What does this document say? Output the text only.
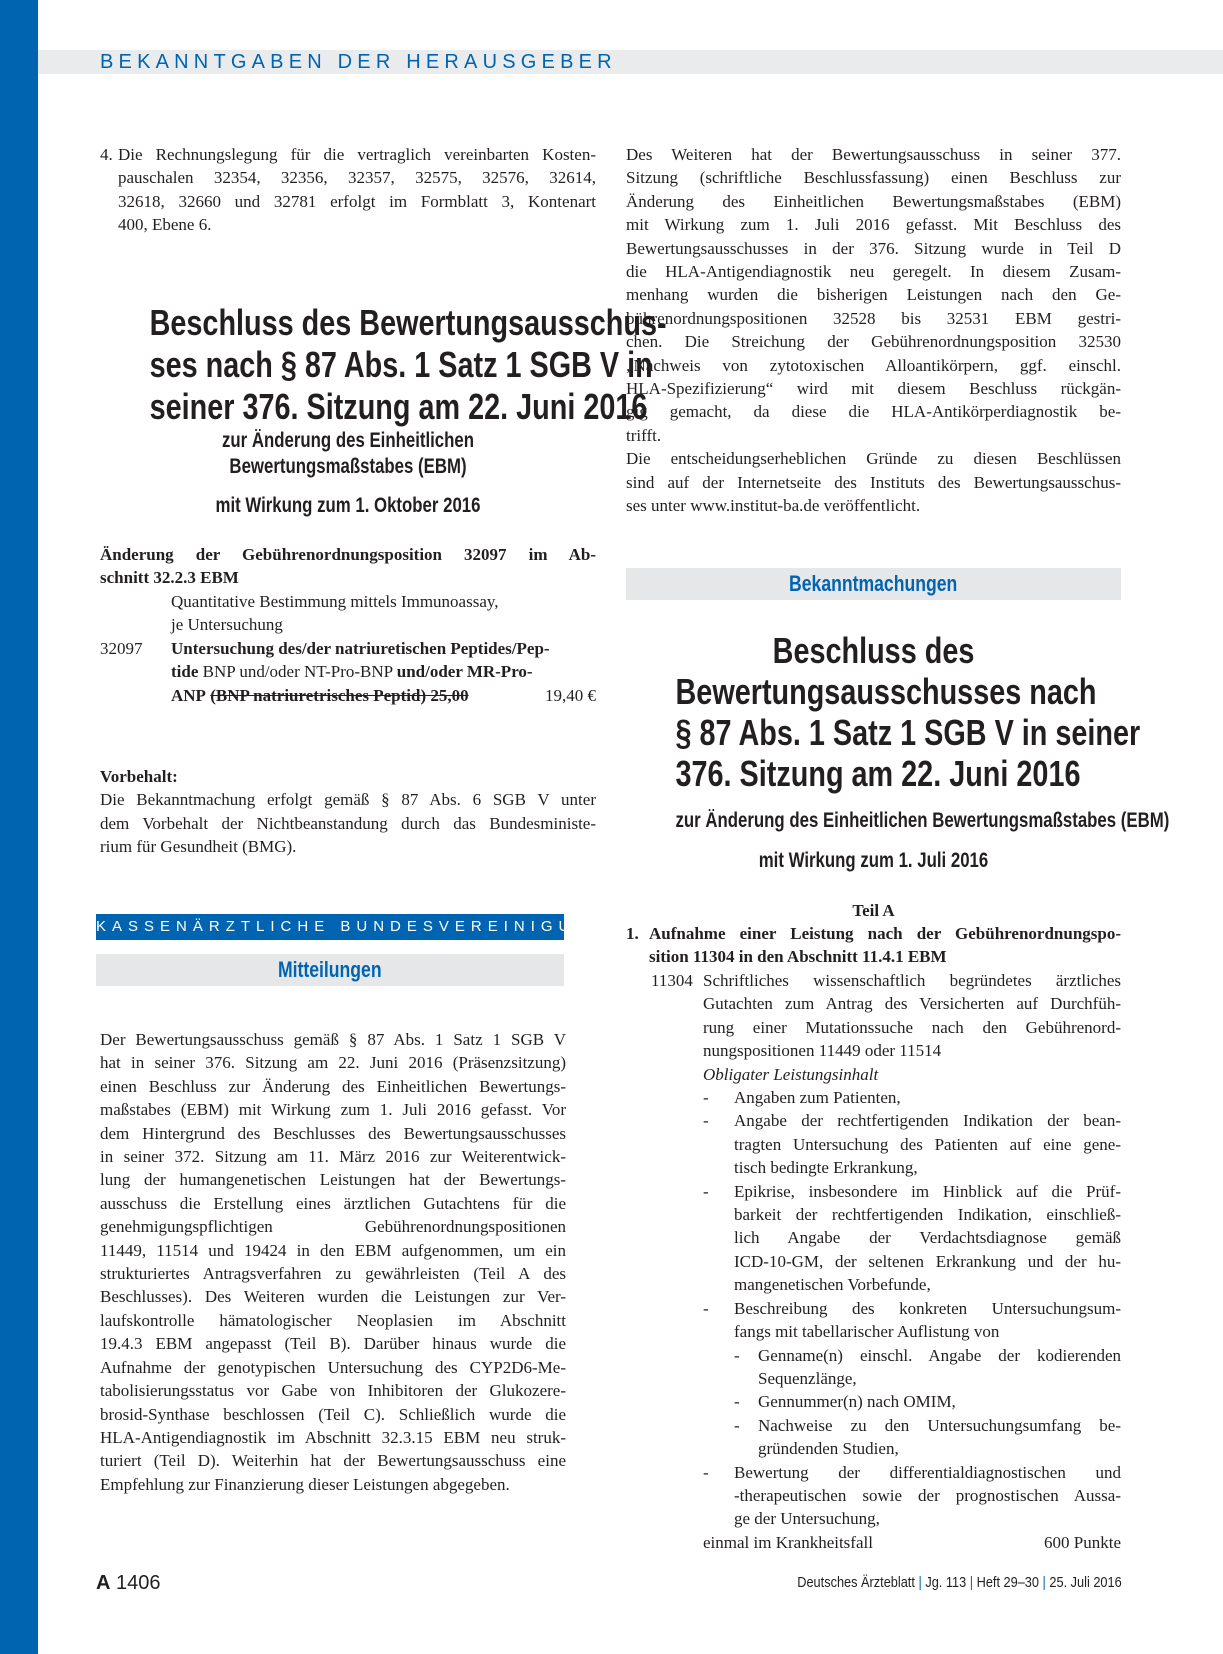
BEKANNTGABEN DER HERAUSGEBER
4. Die Rechnungslegung für die vertraglich vereinbarten Kosten-
pauschalen 32354, 32356, 32357, 32575, 32576, 32614,
32618, 32660 und 32781 erfolgt im Formblatt 3, Kontenart
400, Ebene 6.
Beschluss des Bewertungsausschus-
ses nach § 87 Abs. 1 Satz 1 SGB V in
seiner 376. Sitzung am 22. Juni 2016
zur Änderung des Einheitlichen
Bewertungsmaßstabes (EBM)
mit Wirkung zum 1. Oktober 2016
Änderung der Gebührenordnungsposition 32097 im Ab-
schnitt 32.2.3 EBM
Quantitative Bestimmung mittels Immunoassay,
je Untersuchung
32097 Untersuchung des/der natriuretischen Peptides/Pep-
tide BNP und/oder NT-Pro-BNP und/oder MR-Pro-
ANP (BNP natriuretrisches Peptid) 25,00	19,40 €
Vorbehalt:
Die Bekanntmachung erfolgt gemäß § 87 Abs. 6 SGB V unter
dem Vorbehalt der Nichtbeanstandung durch das Bundesministe-
rium für Gesundheit (BMG).
KASSENÄRZTLICHE BUNDESVEREINIGUNG
Mitteilungen
Der Bewertungsausschuss gemäß § 87 Abs. 1 Satz 1 SGB V
hat in seiner 376. Sitzung am 22. Juni 2016 (Präsenzsitzung)
einen Beschluss zur Änderung des Einheitlichen Bewertungs-
maßstabes (EBM) mit Wirkung zum 1. Juli 2016 gefasst. Vor
dem Hintergrund des Beschlusses des Bewertungsausschusses
in seiner 372. Sitzung am 11. März 2016 zur Weiterentwick-
lung der humangenetischen Leistungen hat der Bewertungs-
ausschuss die Erstellung eines ärztlichen Gutachtens für die
genehmigungspflichtigen Gebührenordnungspositionen
11449, 11514 und 19424 in den EBM aufgenommen, um ein
strukturiertes Antragsverfahren zu gewährleisten (Teil A des
Beschlusses). Des Weiteren wurden die Leistungen zur Ver-
laufskontrolle hämatologischer Neoplasien im Abschnitt
19.4.3 EBM angepasst (Teil B). Darüber hinaus wurde die
Aufnahme der genotypischen Untersuchung des CYP2D6-Me-
tabolisierungsstatus vor Gabe von Inhibitoren der Glukozere-
brosid-Synthase beschlossen (Teil C). Schließlich wurde die
HLA-Antigendiagnostik im Abschnitt 32.3.15 EBM neu struk-
turiert (Teil D). Weiterhin hat der Bewertungsausschuss eine
Empfehlung zur Finanzierung dieser Leistungen abgegeben.
Des Weiteren hat der Bewertungsausschuss in seiner 377.
Sitzung (schriftliche Beschlussfassung) einen Beschluss zur
Änderung des Einheitlichen Bewertungsmaßstabes (EBM)
mit Wirkung zum 1. Juli 2016 gefasst. Mit Beschluss des
Bewertungsausschusses in der 376. Sitzung wurde in Teil D
die HLA-Antigendiagnostik neu geregelt. In diesem Zusam-
menhang wurden die bisherigen Leistungen nach den Ge-
bührenordnungspositionen 32528 bis 32531 EBM gestri-
chen. Die Streichung der Gebührenordnungsposition 32530
„Nachweis von zytotoxischen Alloantikörpern, ggf. einschl.
HLA-Spezifizierung“ wird mit diesem Beschluss rückgän-
gig gemacht, da diese die HLA-Antikörperdiagnostik be-
trifft.
Die entscheidungserheblichen Gründe zu diesen Beschlüssen
sind auf der Internetseite des Instituts des Bewertungsausschus-
ses unter www.institut-ba.de veröffentlicht.
Bekanntmachungen
Beschluss des
Bewertungsausschusses nach
§ 87 Abs. 1 Satz 1 SGB V in seiner
376. Sitzung am 22. Juni 2016
zur Änderung des Einheitlichen Bewertungsmaßstabes (EBM)
mit Wirkung zum 1. Juli 2016
Teil A
1. Aufnahme einer Leistung nach der Gebührenordnungspo-
sition 11304 in den Abschnitt 11.4.1 EBM
11304 Schriftliches wissenschaftlich begründetes ärztliches
Gutachten zum Antrag des Versicherten auf Durchfüh-
rung einer Mutationssuche nach den Gebührenord-
nungspositionen 11449 oder 11514
Obligater Leistungsinhalt
- Angaben zum Patienten,
- Angabe der rechtfertigenden Indikation der bean-
tragten Untersuchung des Patienten auf eine gene-
tisch bedingte Erkrankung,
- Epikrise, insbesondere im Hinblick auf die Prüf-
barkeit der rechtfertigenden Indikation, einschließ-
lich Angabe der Verdachtsdiagnose gemäß
ICD-10-GM, der seltenen Erkrankung und der hu-
mangenetischen Vorbefunde,
- Beschreibung des konkreten Untersuchungsum-
fangs mit tabellarischer Auflistung von
- Genname(n) einschl. Angabe der kodierenden
Sequenzlänge,
- Gennummer(n) nach OMIM,
- Nachweise zu den Untersuchungsumfang be-
gründenden Studien,
- Bewertung der differentialdiagnostischen und
-therapeutischen sowie der prognostischen Aussa-
ge der Untersuchung,
einmal im Krankheitsfall	600 Punkte
A 1406	Deutsches Ärzteblatt | Jg. 113 | Heft 29–30 | 25. Juli 2016
